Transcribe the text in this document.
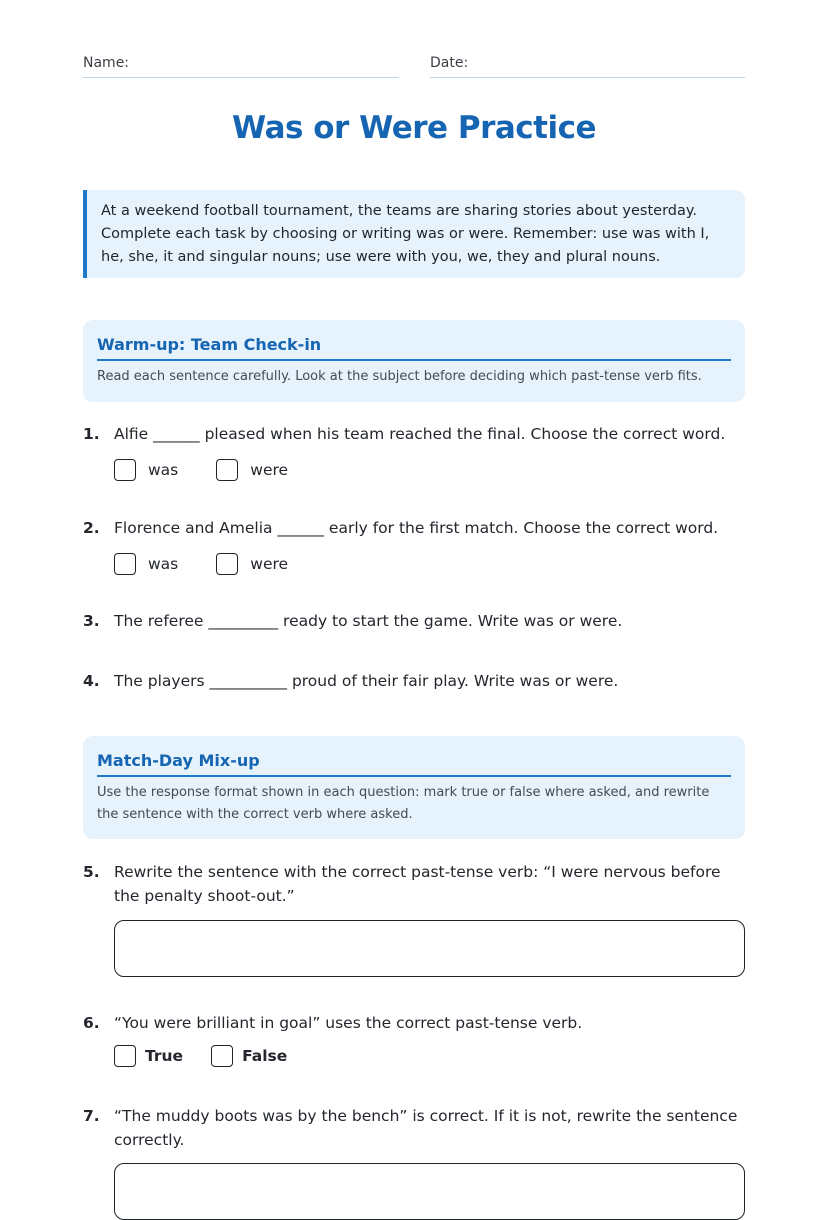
Name:	Date:
Was or Were Practice
At a weekend football tournament, the teams are sharing stories about yesterday. Complete each task by choosing or writing was or were. Remember: use was with I, he, she, it and singular nouns; use were with you, we, they and plural nouns.
Warm-up: Team Check-in
Read each sentence carefully. Look at the subject before deciding which past-tense verb fits.
1. Alfie ______ pleased when his team reached the final. Choose the correct word.
was	were
2. Florence and Amelia ______ early for the first match. Choose the correct word.
was	were
3. The referee _________ ready to start the game. Write was or were.
4. The players __________ proud of their fair play. Write was or were.
Match-Day Mix-up
Use the response format shown in each question: mark true or false where asked, and rewrite the sentence with the correct verb where asked.
5. Rewrite the sentence with the correct past-tense verb: “I were nervous before the penalty shoot-out.”
6. “You were brilliant in goal” uses the correct past-tense verb.
True	False
7. “The muddy boots was by the bench” is correct. If it is not, rewrite the sentence correctly.
